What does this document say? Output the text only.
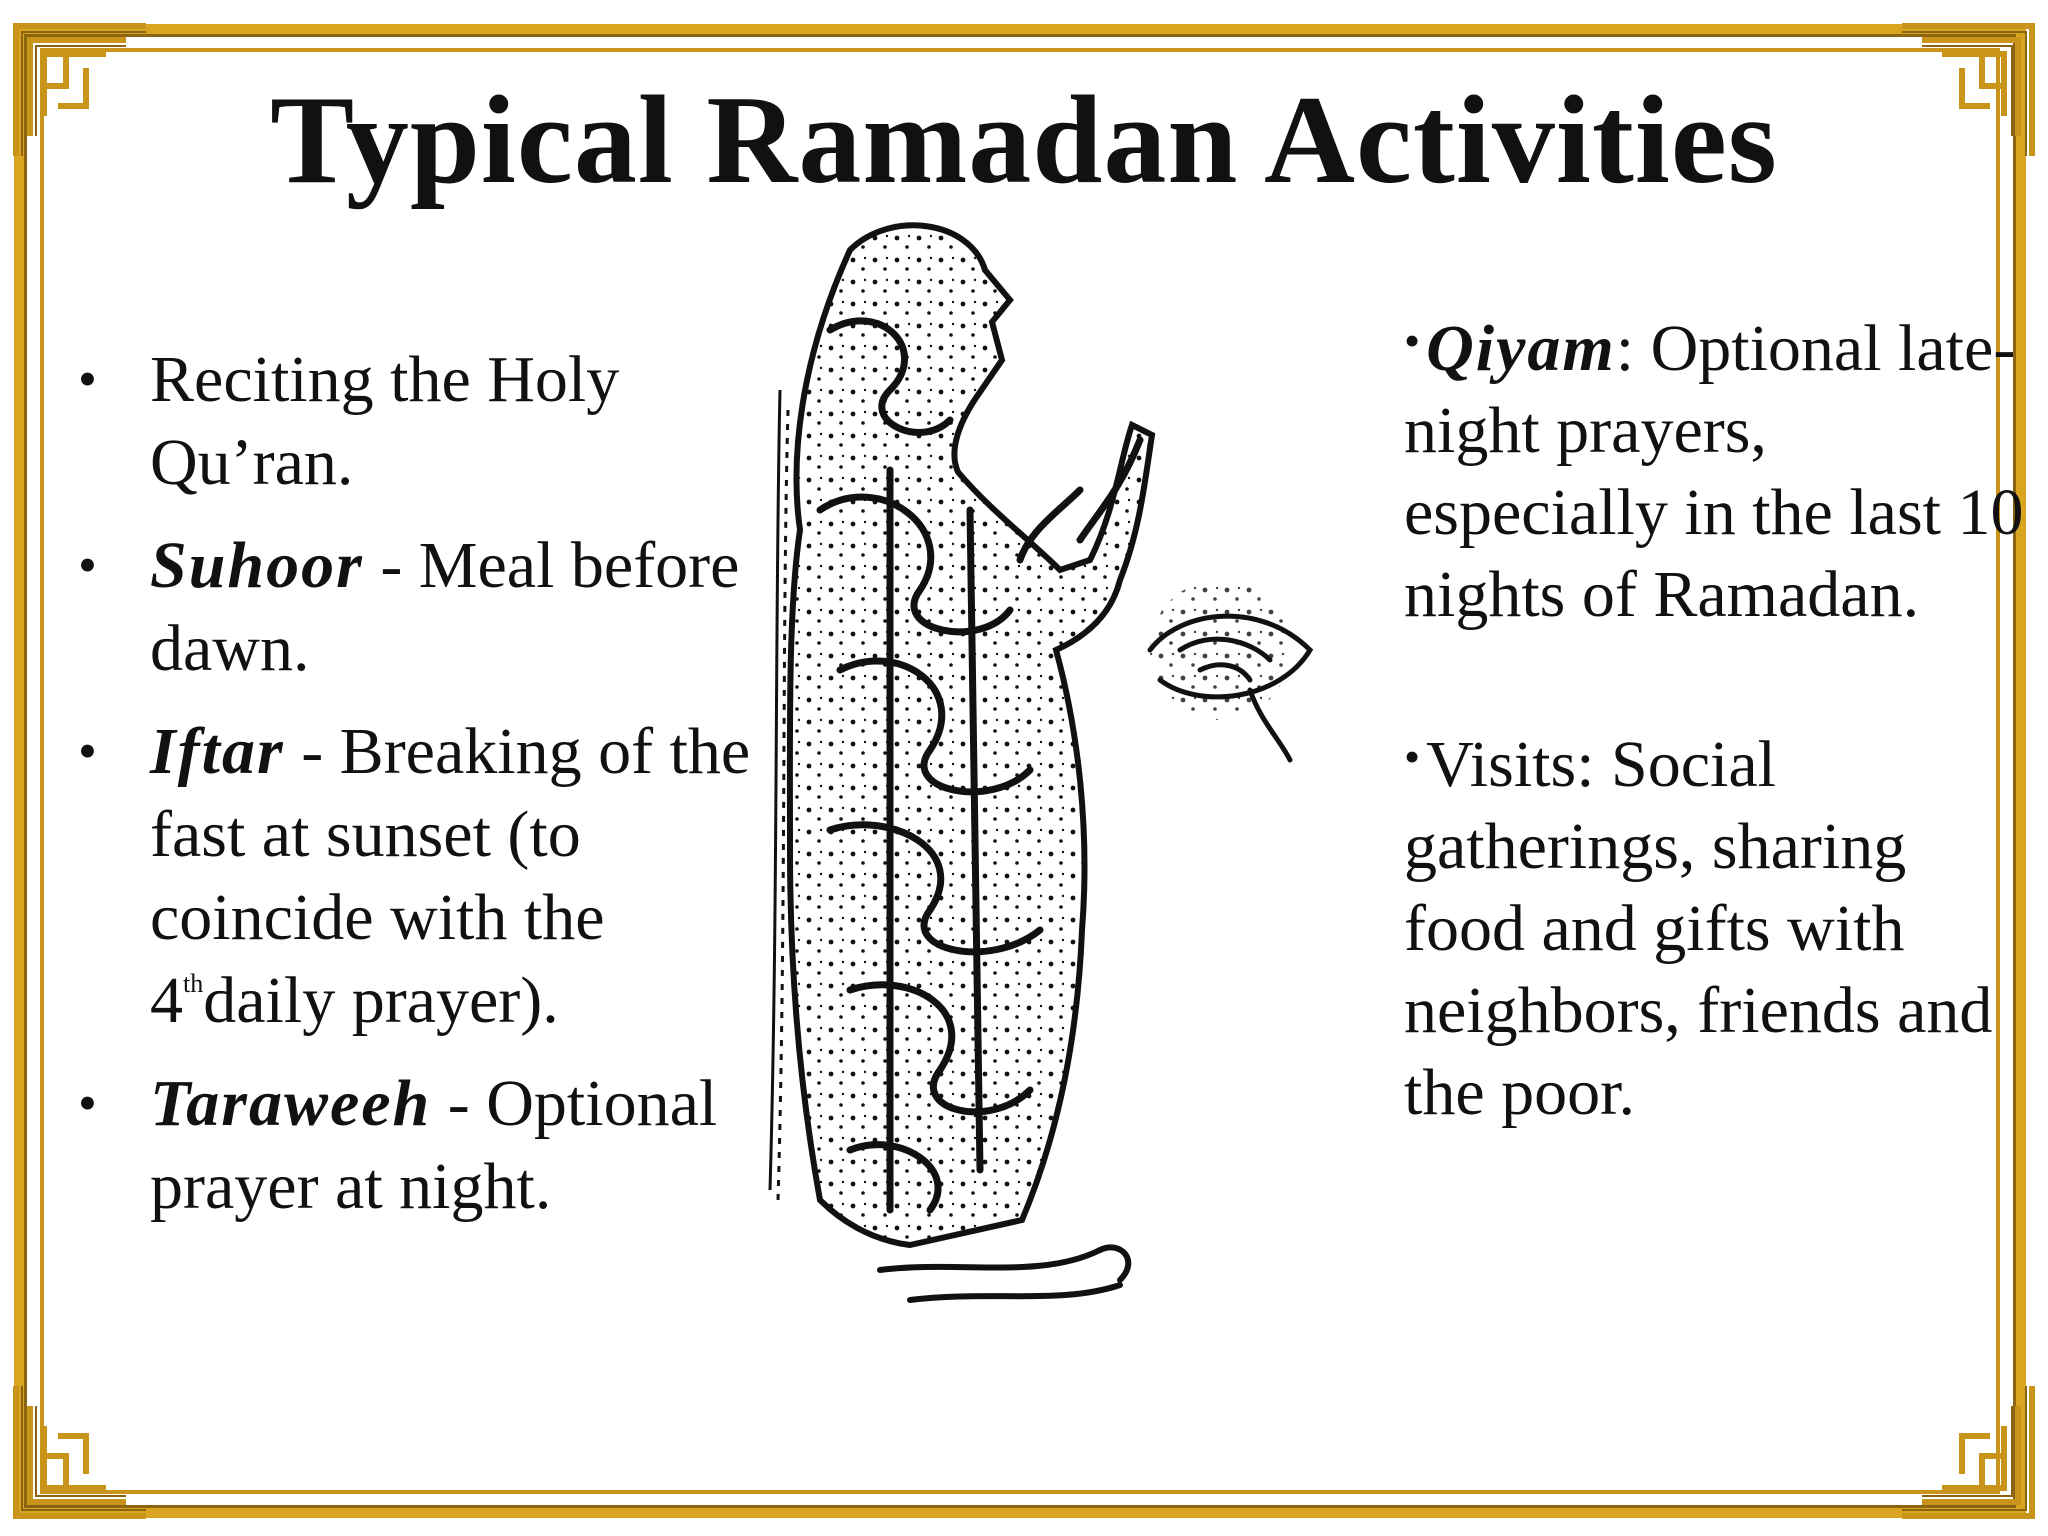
Typical Ramadan Activities
• Reciting the Holy Qu’ran.
• Suhoor - Meal before dawn.
• Iftar - Breaking of the fast at sunset (to coincide with the 4thdaily prayer).
• Taraweeh - Optional prayer at night.
•Qiyam: Optional late-night prayers, especially in the last 10 nights of Ramadan.
•Visits: Social gatherings, sharing food and gifts with neighbors, friends and the poor.
